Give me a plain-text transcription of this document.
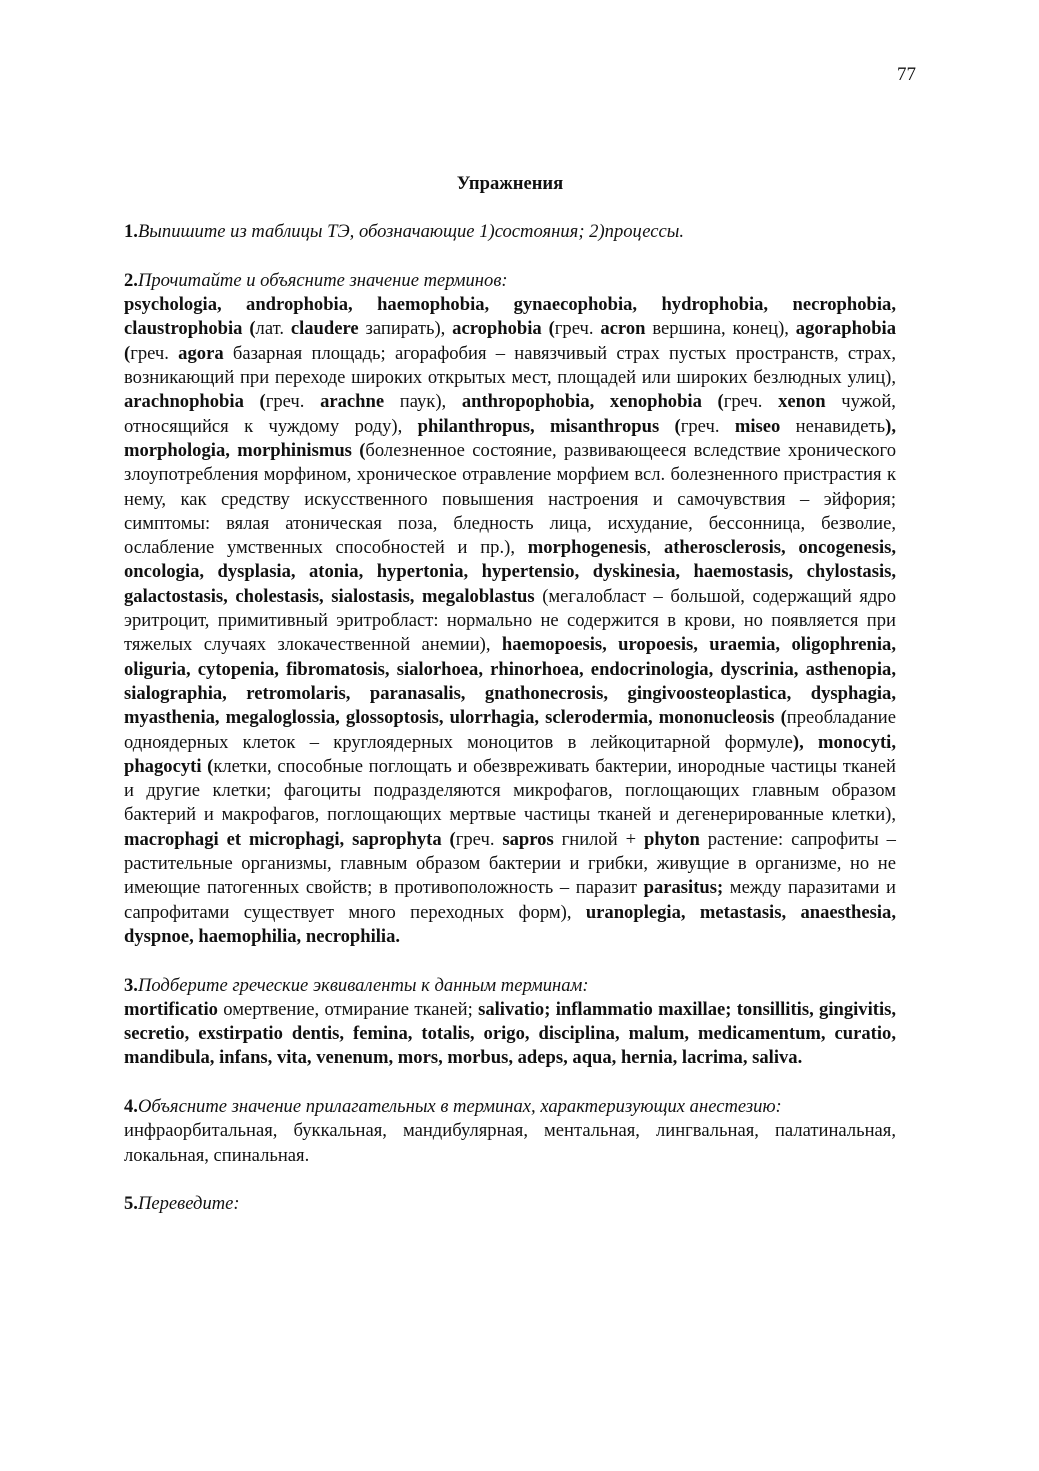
77

Упражнения

1.Выпишите из таблицы ТЭ, обозначающие 1)состояния; 2)процессы.

2.Прочитайте и объясните значение терминов:

psychologia, androphobia, haemophobia, gynaecophobia, hydrophobia, necrophobia, claustrophobia (лат. claudere запирать), acrophobia (греч. acron вершина, конец), agoraphobia (греч. agora базарная площадь; агорафобия – навязчивый страх пустых пространств, страх, возникающий при переходе широких открытых мест, площадей или широких безлюдных улиц), arachnophobia (греч. arachne паук), anthropophobia, xenophobia (греч. xenon чужой, относящийся к чуждому роду), philanthropus, misanthropus (греч. miseo ненавидеть), morphologia, morphinismus (болезненное состояние, развивающееся вследствие хронического злоупотребления морфином, хроническое отравление морфием всл. болезненного пристрастия к нему, как средству искусственного повышения настроения и самочувствия – эйфория; симптомы: вялая атоническая поза, бледность лица, исхудание, бессонница, безволие, ослабление умственных способностей и пр.), morphogenesis, atherosclerosis, oncogenesis, oncologia, dysplasia, atonia, hypertonia, hypertensio, dyskinesia, haemostasis, chylostasis, galactostasis, cholestasis, sialostasis, megaloblastus (мегалобласт – большой, содержащий ядро эритроцит, примитивный эритробласт: нормально не содержится в крови, но появляется при тяжелых случаях злокачественной анемии), haemopoesis, uropoesis, uraemia, oligophrenia, oliguria, cytopenia, fibromatosis, sialorhoea, rhinorhoea, endocrinologia, dyscrinia, asthenopia, sialographia, retromolaris, paranasalis, gnathonecrosis, gingivoosteoplastica, dysphagia, myasthenia, megaloglossia, glossoptosis, ulorrhagia, sclerodermia, mononucleosis (преобладание одноядерных клеток – круглоядерных моноцитов в лейкоцитарной формуле), monocyti, phagocyti (клетки, способные поглощать и обезвреживать бактерии, инородные частицы тканей и другие клетки; фагоциты подразделяются микрофагов, поглощающих главным образом бактерий и макрофагов, поглощающих мертвые частицы тканей и дегенерированные клетки), macrophagi et microphagi, saprophyta (греч. sapros гнилой + phyton растение: сапрофиты – растительные организмы, главным образом бактерии и грибки, живущие в организме, но не имеющие патогенных свойств; в противоположность – паразит parasitus; между паразитами и сапрофитами существует много переходных форм), uranoplegia, metastasis, anaesthesia, dyspnoe, haemophilia, necrophilia.

3.Подберите греческие эквиваленты к данным терминам:

mortificatio омертвение, отмирание тканей; salivatio; inflammatio maxillae; tonsillitis, gingivitis, secretio, exstirpatio dentis, femina, totalis, origo, disciplina, malum, medicamentum, curatio, mandibula, infans, vita, venenum, mors, morbus, adeps, aqua, hernia, lacrima, saliva.

4.Объясните значение прилагательных в терминах, характеризующих анестезию:

инфраорбитальная, буккальная, мандибулярная, ментальная, лингвальная, палатинальная, локальная, спинальная.

5.Переведите:
